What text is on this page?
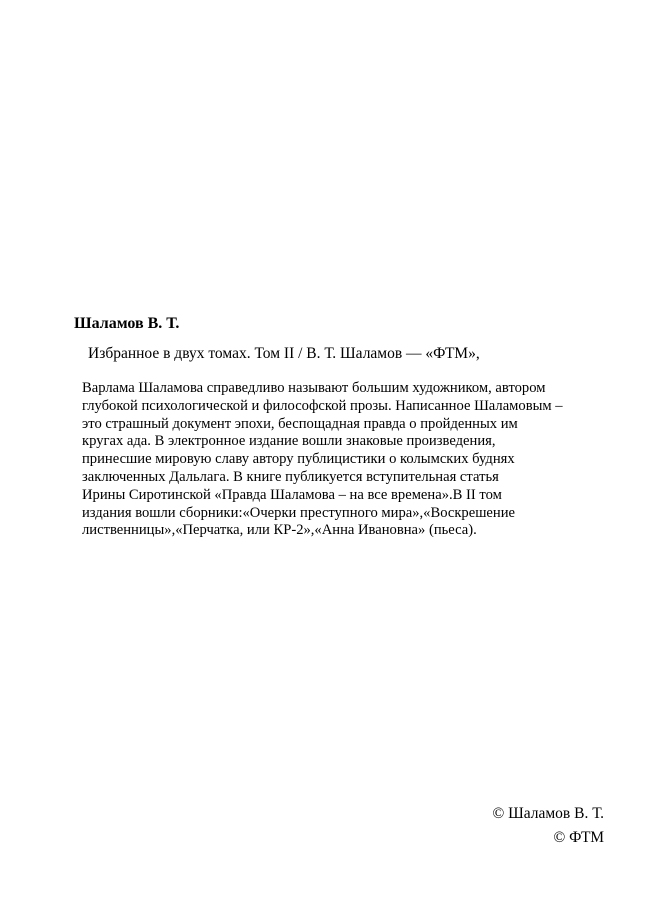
Шаламов В. Т.
Избранное в двух томах. Том II / В. Т. Шаламов — «ФТМ»,
Варлама Шаламова справедливо называют большим художником, автором
глубокой психологической и философской прозы. Написанное Шаламовым –
это страшный документ эпохи, беспощадная правда о пройденных им
кругах ада. В электронное издание вошли знаковые произведения,
принесшие мировую славу автору публицистики о колымских буднях
заключенных Дальлага. В книге публикуется вступительная статья
Ирины Сиротинской «Правда Шаламова – на все времена».В II том
издания вошли сборники:«Очерки преступного мира»,«Воскрешение
лиственницы»,«Перчатка, или КР-2»,«Анна Ивановна» (пьеса).
© Шаламов В. Т.
© ФТМ
